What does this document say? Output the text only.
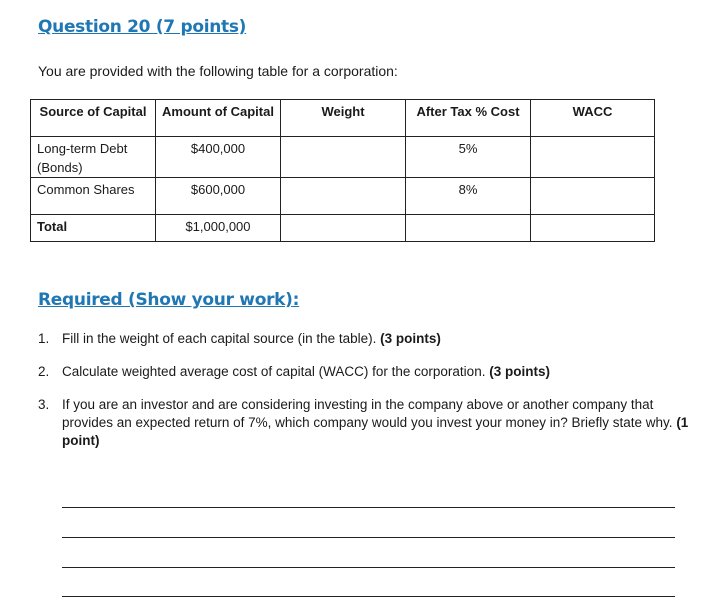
Question 20 (7 points)

You are provided with the following table for a corporation:

Source of Capital	Amount of Capital	Weight	After Tax % Cost	WACC
Long-term Debt (Bonds)	$400,000		5%	
Common Shares	$600,000		8%	
Total	$1,000,000			
Required (Show your work):
1. Fill in the weight of each capital source (in the table). (3 points)
2. Calculate weighted average cost of capital (WACC) for the corporation. (3 points)
3. If you are an investor and are considering investing in the company above or another company that provides an expected return of 7%, which company would you invest your money in? Briefly state why. (1 point)
